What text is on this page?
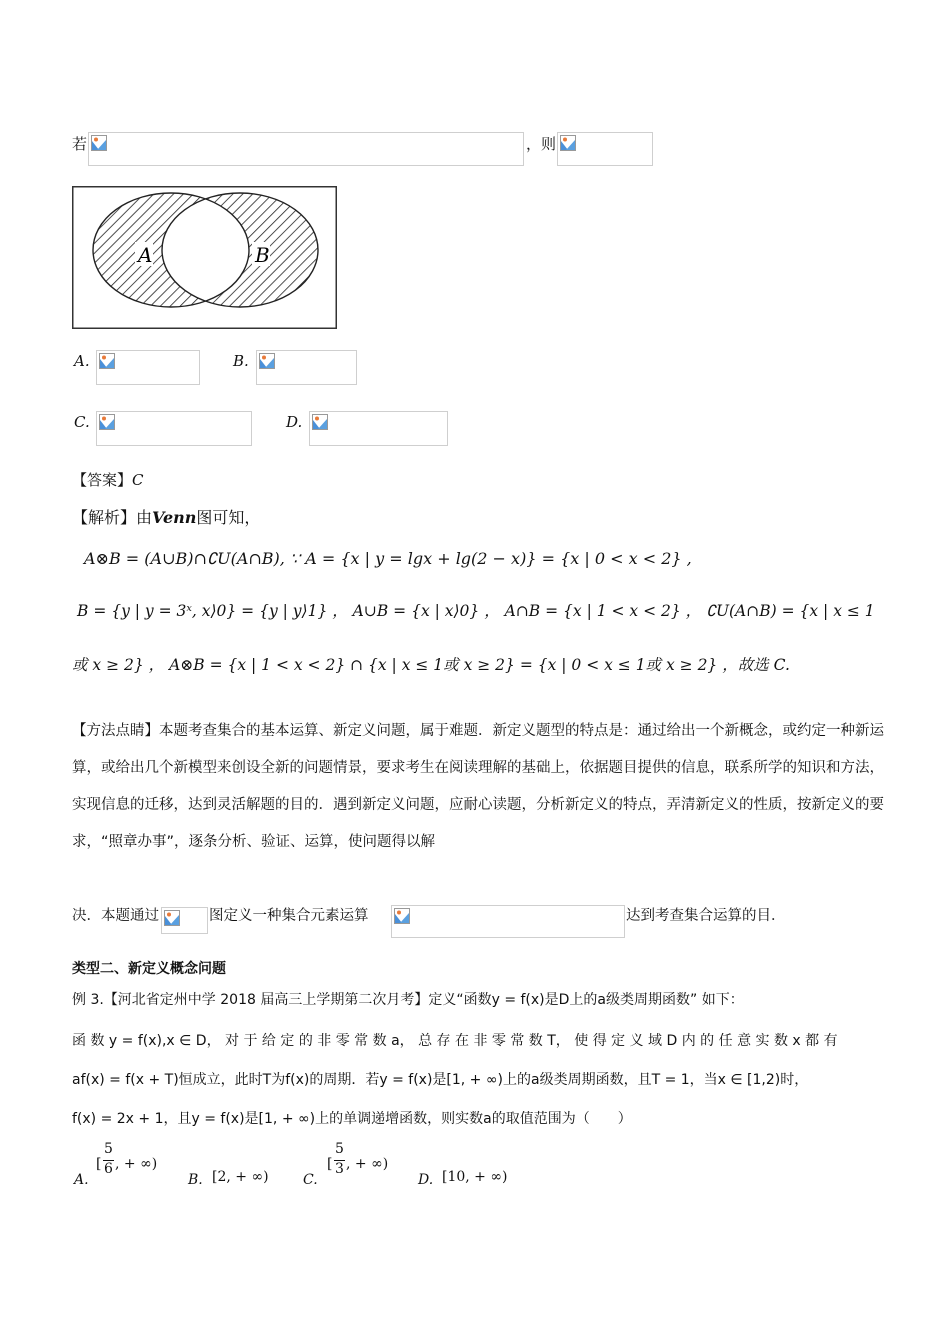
若	，则
A	B
A.	B.
C.	D.
【答案】C
【解析】由Venn图可知，
A⊗B = (A∪B)∩∁U(A∩B), ∵ A = {x | y = lgx + lg(2 − x)} = {x | 0 < x < 2} ,
B = {y | y = 3ˣ, x⟩0} = {y | y⟩1} ， A∪B = {x | x⟩0} ， A∩B = {x | 1 < x < 2} ， ∁U(A∩B) = {x | x ≤ 1
或 x ≥ 2} ， A⊗B = {x | 1 < x < 2} ∩ {x | x ≤ 1或 x ≥ 2} = {x | 0 < x ≤ 1或 x ≥ 2} ，故选 C.
【方法点睛】本题考查集合的基本运算、新定义问题，属于难题．新定义题型的特点是：通过给出一个新概念，或约定一种新运算，或给出几个新模型来创设全新的问题情景，要求考生在阅读理解的基础上，依据题目提供的信息，联系所学的知识和方法，实现信息的迁移，达到灵活解题的目的．遇到新定义问题，应耐心读题，分析新定义的特点，弄清新定义的性质，按新定义的要求，“照章办事”，逐条分析、验证、运算，使问题得以解
决．本题通过	图定义一种集合元素运算	达到考查集合运算的目．
类型二、新定义概念问题
例 3.【河北省定州中学 2018 届高三上学期第二次月考】定义“函数y = f(x)是D上的a级类周期函数” 如下：
函 数 y = f(x),x ∈ D， 对 于 给 定 的 非 零 常 数 a， 总 存 在 非 零 常 数 T， 使 得 定 义 域 D 内 的 任 意 实 数 x 都 有
af(x) = f(x + T)恒成立，此时T为f(x)的周期．若y = f(x)是[1, + ∞)上的a级类周期函数，且T = 1，当x ∈ [1,2)时，
f(x) = 2x + 1，且y = f(x)是[1, + ∞)上的单调递增函数，则实数a的取值范围为（　　）
A.
[
5
6 , + ∞)
B. [2, + ∞) C.
[
5
3 , + ∞)
D. [10, + ∞)
